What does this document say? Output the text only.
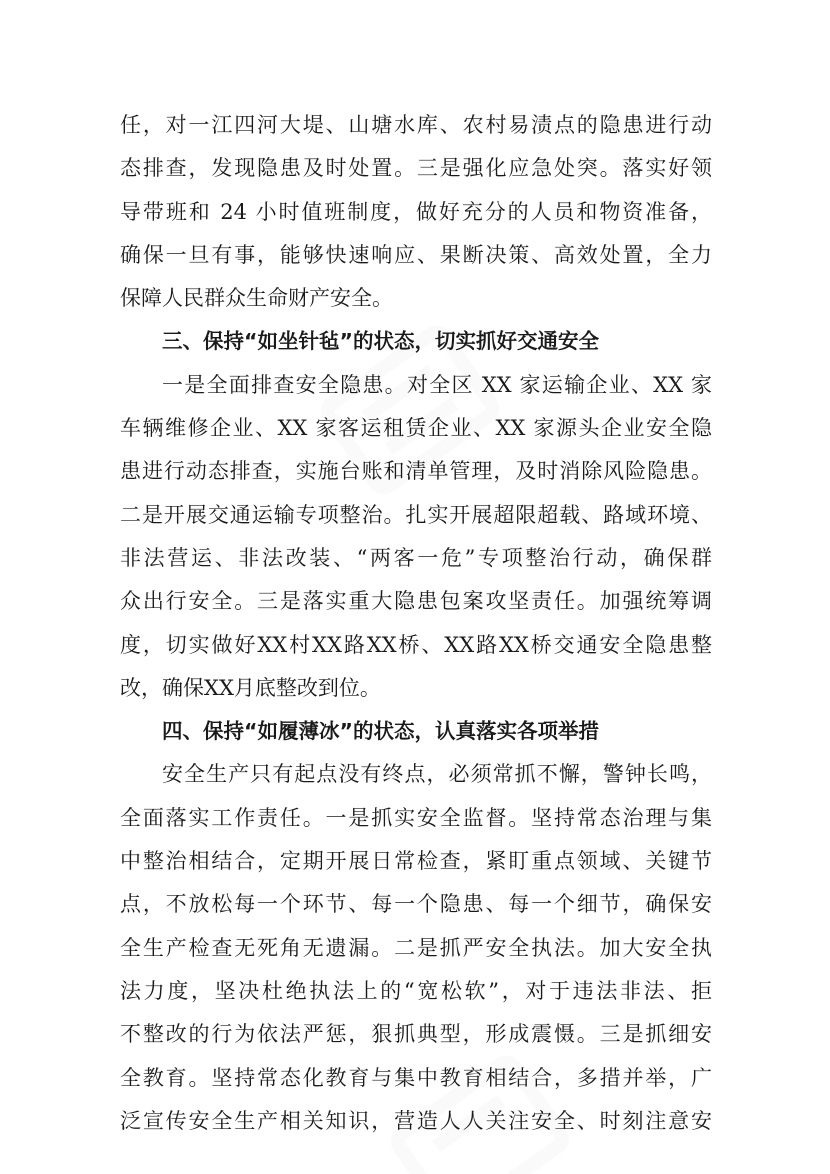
任，对一江四河大堤、山塘水库、农村易渍点的隐患进行动
态排查，发现隐患及时处置。三是强化应急处突。落实好领
导带班和 24 小时值班制度，做好充分的人员和物资准备，
确保一旦有事，能够快速响应、果断决策、高效处置，全力
保障人民群众生命财产安全。
三、保持“如坐针毡”的状态，切实抓好交通安全
一是全面排查安全隐患。对全区 XX 家运输企业、XX 家
车辆维修企业、XX 家客运租赁企业、XX 家源头企业安全隐
患进行动态排查，实施台账和清单管理，及时消除风险隐患。
二是开展交通运输专项整治。扎实开展超限超载、路域环境、
非法营运、非法改装、“两客一危”专项整治行动，确保群
众出行安全。三是落实重大隐患包案攻坚责任。加强统筹调
度，切实做好XX村XX路XX桥、XX路XX桥交通安全隐患整
改，确保XX月底整改到位。
四、保持“如履薄冰”的状态，认真落实各项举措
安全生产只有起点没有终点，必须常抓不懈，警钟长鸣，
全面落实工作责任。一是抓实安全监督。坚持常态治理与集
中整治相结合，定期开展日常检查，紧盯重点领域、关键节
点，不放松每一个环节、每一个隐患、每一个细节，确保安
全生产检查无死角无遗漏。二是抓严安全执法。加大安全执
法力度，坚决杜绝执法上的“宽松软”，对于违法非法、拒
不整改的行为依法严惩，狠抓典型，形成震慑。三是抓细安
全教育。坚持常态化教育与集中教育相结合，多措并举，广
泛宣传安全生产相关知识，营造人人关注安全、时刻注意安
